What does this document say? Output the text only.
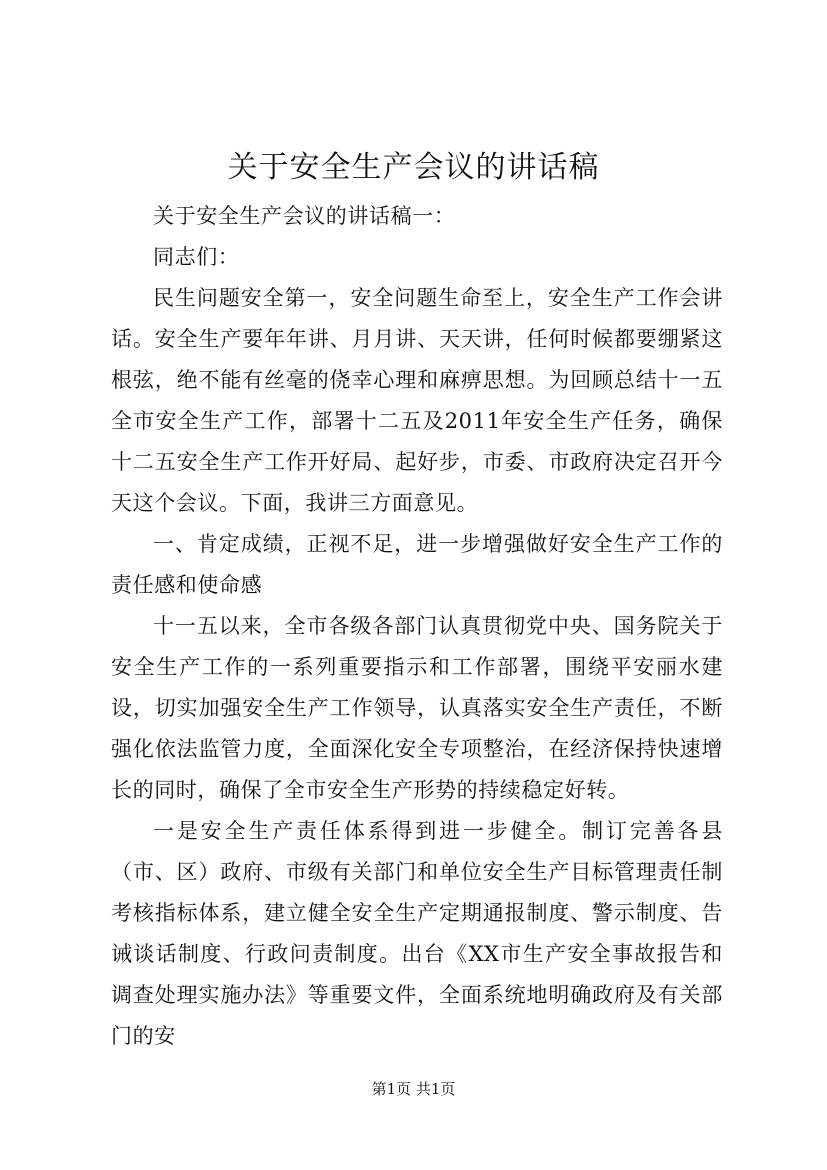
关于安全生产会议的讲话稿

关于安全生产会议的讲话稿一：

同志们：

民生问题安全第一，安全问题生命至上，安全生产工作会讲话。安全生产要年年讲、月月讲、天天讲，任何时候都要绷紧这根弦，绝不能有丝毫的侥幸心理和麻痹思想。为回顾总结十一五全市安全生产工作，部署十二五及2011年安全生产任务，确保十二五安全生产工作开好局、起好步，市委、市政府决定召开今天这个会议。下面，我讲三方面意见。

一、肯定成绩，正视不足，进一步增强做好安全生产工作的责任感和使命感

十一五以来，全市各级各部门认真贯彻党中央、国务院关于安全生产工作的一系列重要指示和工作部署，围绕平安丽水建设，切实加强安全生产工作领导，认真落实安全生产责任，不断强化依法监管力度，全面深化安全专项整治，在经济保持快速增长的同时，确保了全市安全生产形势的持续稳定好转。

一是安全生产责任体系得到进一步健全。制订完善各县（市、区）政府、市级有关部门和单位安全生产目标管理责任制考核指标体系，建立健全安全生产定期通报制度、警示制度、告诫谈话制度、行政问责制度。出台《XX市生产安全事故报告和调查处理实施办法》等重要文件，全面系统地明确政府及有关部门的安

第1页 共1页
